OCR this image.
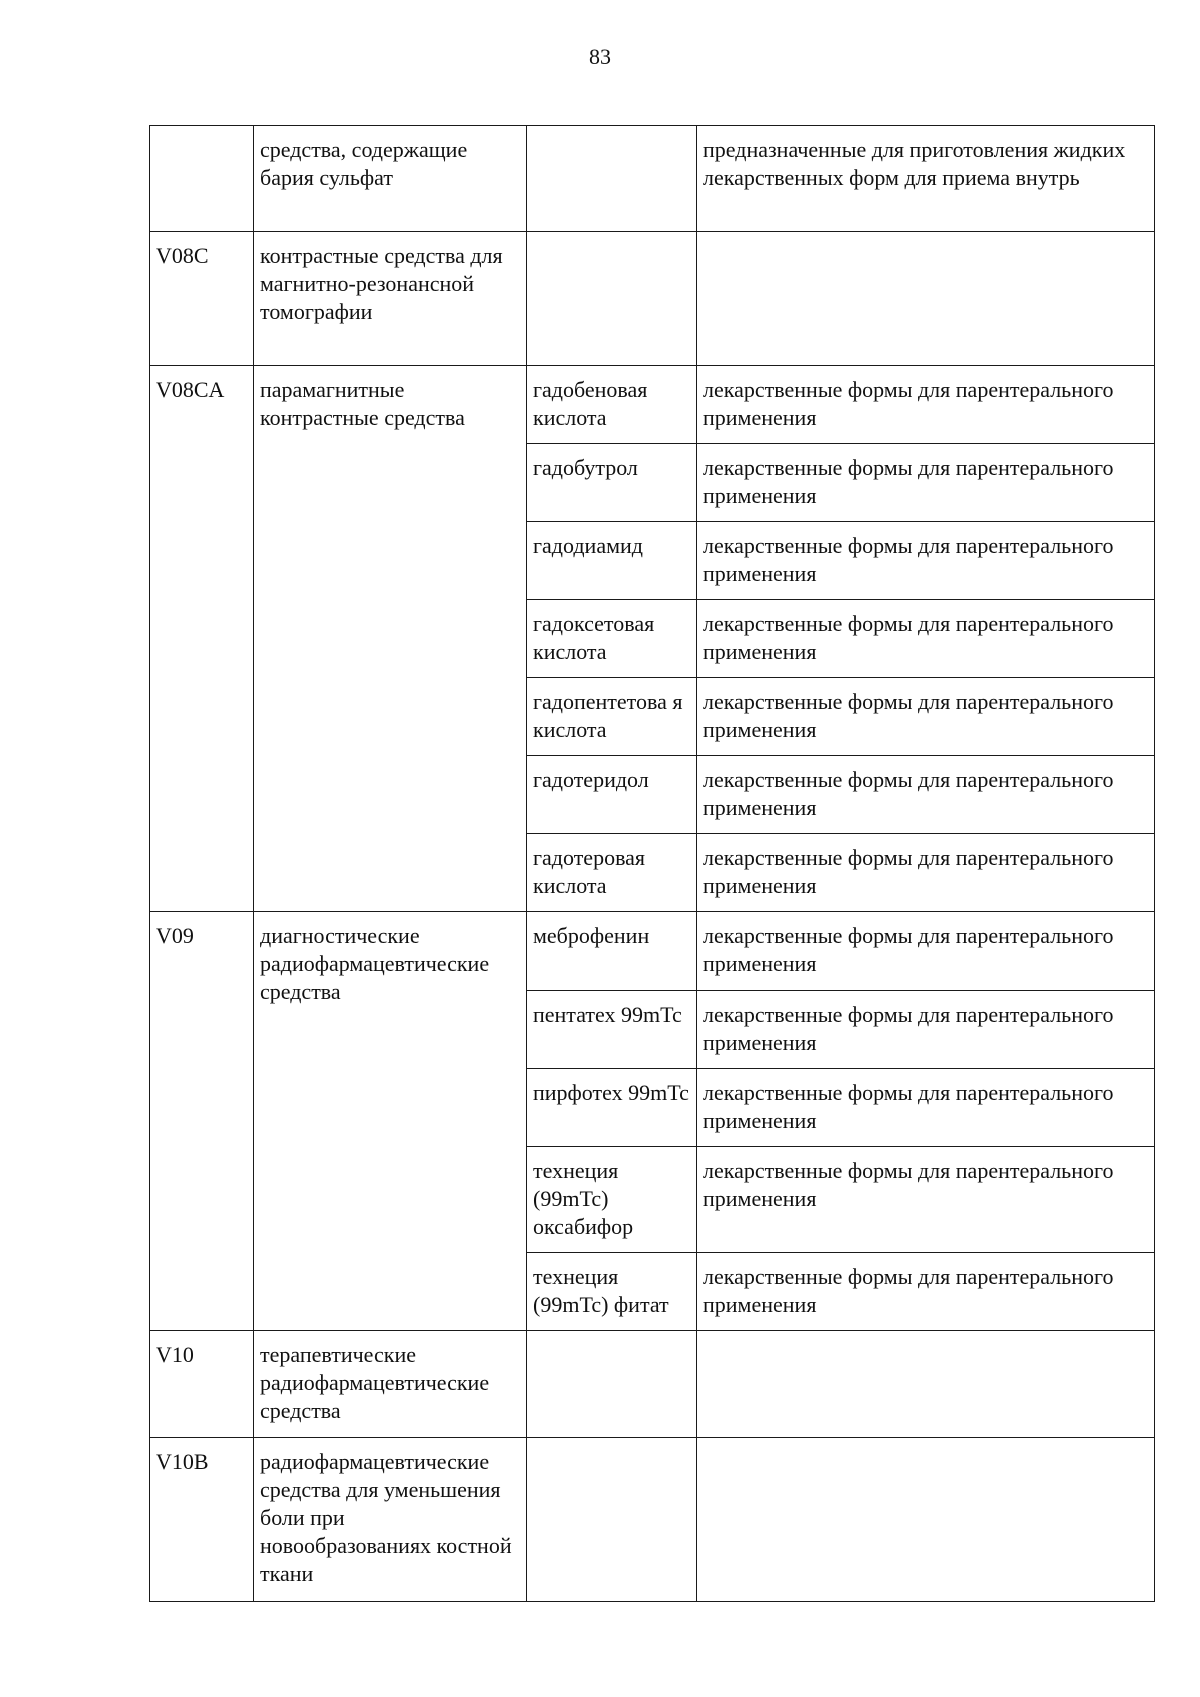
83
	средства, содержащие бария сульфат		предназначенные для приготовления жидких лекарственных форм для приема внутрь
V08C	контрастные средства для магнитно-резонансной томографии		
V08CA	парамагнитные контрастные средства	гадобеновая кислота	лекарственные формы для парентерального применения
		гадобутрол	лекарственные формы для парентерального применения
		гадодиамид	лекарственные формы для парентерального применения
		гадоксетовая кислота	лекарственные формы для парентерального применения
		гадопентетова я кислота	лекарственные формы для парентерального применения
		гадотеридол	лекарственные формы для парентерального применения
		гадотеровая кислота	лекарственные формы для парентерального применения
V09	диагностические радиофармацевтические средства	меброфенин	лекарственные формы для парентерального применения
		пентатех 99mTc	лекарственные формы для парентерального применения
		пирфотех 99mTc	лекарственные формы для парентерального применения
		технеция (99mTc) оксабифор	лекарственные формы для парентерального применения
		технеция (99mTc) фитат	лекарственные формы для парентерального применения
V10	терапевтические радиофармацевтические средства		
V10B	радиофармацевтические средства для уменьшения боли при новообразованиях костной ткани		
